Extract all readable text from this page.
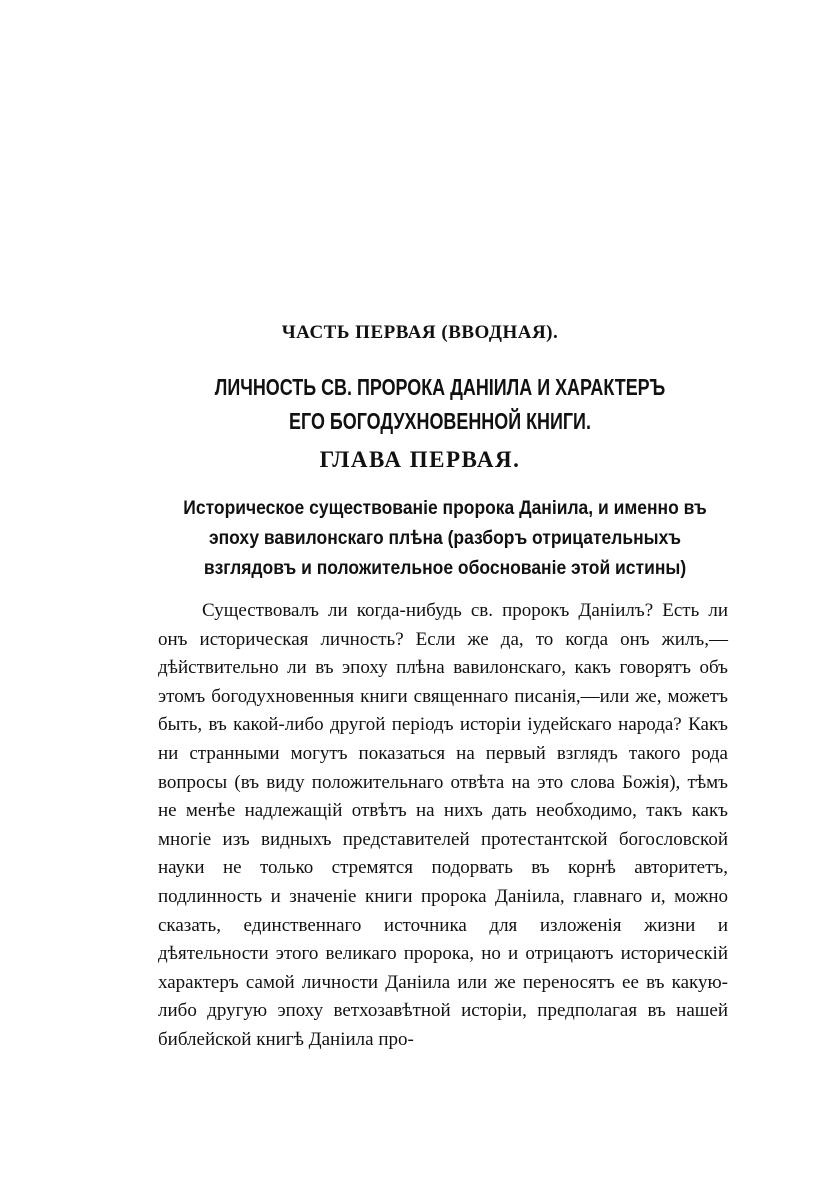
ЧАСТЬ ПЕРВАЯ (ВВОДНАЯ).
ЛИЧНОСТЬ СВ. ПРОРОКА ДАНIИЛА И ХАРАКТЕРЪ ЕГО БОГОДУХНОВЕННОЙ КНИГИ.
ГЛАВА ПЕРВАЯ.

Историческое существованіе пророка Даніила, и именно въ эпоху вавилонскаго плѣна (разборъ отрицательныхъ взглядовъ и положительное обоснованіе этой истины)

Существовалъ ли когда-нибудь св. пророкъ Даніилъ? Есть ли онъ историческая личность? Если же да, то когда онъ жилъ,—дѣйствительно ли въ эпоху плѣна вавилонскаго, какъ говорятъ объ этомъ богодухновенныя книги священнаго писанія,—или же, можетъ быть, въ какой-либо другой періодъ исторіи іудейскаго народа? Какъ ни странными могутъ показаться на первый взглядъ такого рода вопросы (въ виду положительнаго отвѣта на это слова Божія), тѣмъ не менѣе надлежащій отвѣтъ на нихъ дать необходимо, такъ какъ многіе изъ видныхъ представителей протестантской богословской науки не только стремятся подорвать въ корнѣ авторитетъ, подлинность и значеніе книги пророка Даніила, главнаго и, можно сказать, единственнаго источника для изложенія жизни и дѣятельности этого великаго пророка, но и отрицаютъ историческій характеръ самой личности Даніила или же переносятъ ее въ какую-либо другую эпоху ветхозавѣтной исторіи, предполагая въ нашей библейской книгѣ Даніила про-
